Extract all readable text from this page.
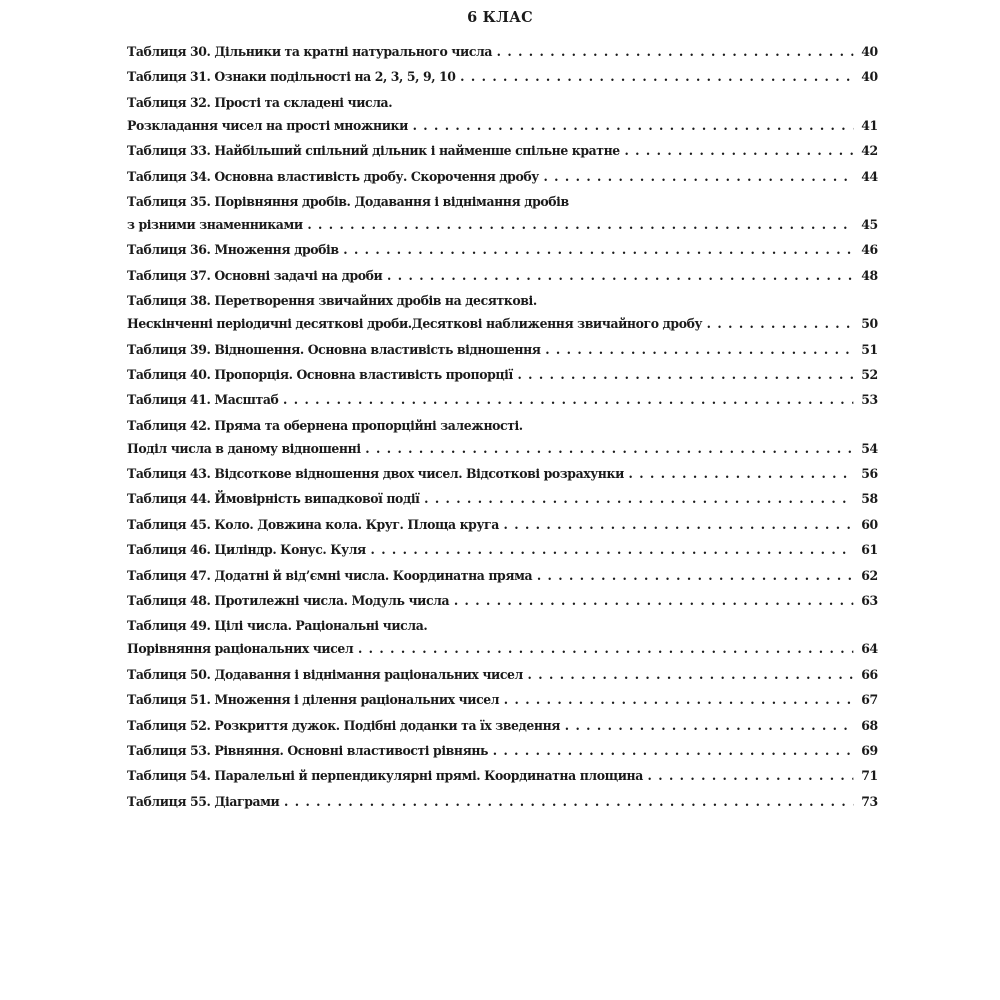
6 КЛАС
Таблиця 30. Дільники та кратні натурального числа . . .	40
Таблиця 31. Ознаки подільності на 2, 3, 5, 9, 10 . . .	40
Таблиця 32. Прості та складені числа.
Розкладання чисел на прості множники . . .	41
Таблиця 33. Найбільший спільний дільник і найменше спільне кратне . . .	42
Таблиця 34. Основна властивість дробу. Скорочення дробу . . .	44
Таблиця 35. Порівняння дробів. Додавання і віднімання дробів
з різними знаменниками . . .	45
Таблиця 36. Множення дробів . . .	46
Таблиця 37. Основні задачі на дроби . . .	48
Таблиця 38. Перетворення звичайних дробів на десяткові.
Нескінченні періодичні десяткові дроби.Десяткові наближення звичайного дробу . . .	50
Таблиця 39. Відношення. Основна властивість відношення . . .	51
Таблиця 40. Пропорція. Основна властивість пропорції . . .	52
Таблиця 41. Масштаб . . .	53
Таблиця 42. Пряма та обернена пропорційні залежності.
Поділ числа в даному відношенні . . .	54
Таблиця 43. Відсоткове відношення двох чисел. Відсоткові розрахунки . . .	56
Таблиця 44. Ймовірність випадкової події . . .	58
Таблиця 45. Коло. Довжина кола. Круг. Площа круга . . .	60
Таблиця 46. Циліндр. Конус. Куля . . .	61
Таблиця 47. Додатні й від’ємні числа. Координатна пряма . . .	62
Таблиця 48. Протилежні числа. Модуль числа . . .	63
Таблиця 49. Цілі числа. Раціональні числа.
Порівняння раціональних чисел . . .	64
Таблиця 50. Додавання і віднімання раціональних чисел . . .	66
Таблиця 51. Множення і ділення раціональних чисел . . .	67
Таблиця 52. Розкриття дужок. Подібні доданки та їх зведення . . .	68
Таблиця 53. Рівняння. Основні властивості рівнянь . . .	69
Таблиця 54. Паралельні й перпендикулярні прямі. Координатна площина . . .	71
Таблиця 55. Діаграми . . .	73
